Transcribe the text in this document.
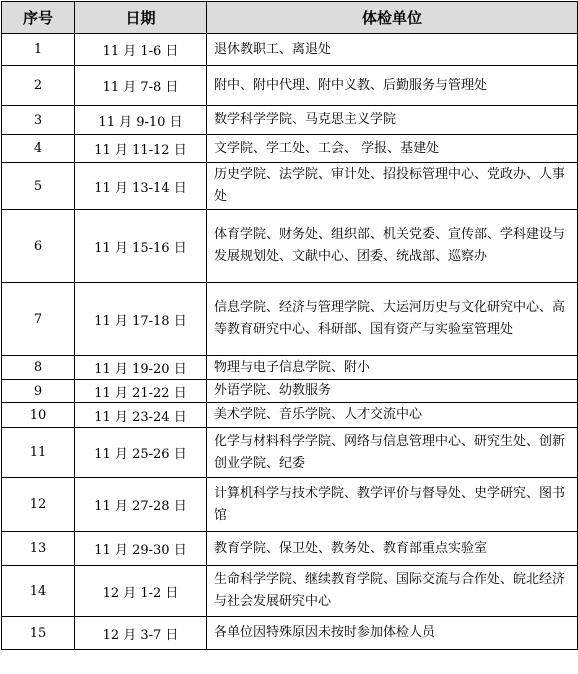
序号	日期	体检单位
1	11 月 1-6 日	退休教职工、离退处
2	11 月 7-8 日	附中、附中代理、附中义教、后勤服务与管理处
3	11 月 9-10 日	数学科学学院、马克思主义学院
4	11 月 11-12 日	文学院、学工处、工会、 学报、基建处
5	11 月 13-14 日	历史学院、法学院、审计处、招投标管理中心、党政办、人事处
6	11 月 15-16 日	体育学院、财务处、组织部、机关党委、宣传部、学科建设与发展规划处、文献中心、团委、统战部、巡察办
7	11 月 17-18 日	信息学院、经济与管理学院、大运河历史与文化研究中心、高等教育研究中心、科研部、国有资产与实验室管理处
8	11 月 19-20 日	物理与电子信息学院、附小
9	11 月 21-22 日	外语学院、幼教服务
10	11 月 23-24 日	美术学院、音乐学院、人才交流中心
11	11 月 25-26 日	化学与材料科学学院、网络与信息管理中心、研究生处、创新创业学院、纪委
12	11 月 27-28 日	计算机科学与技术学院、教学评价与督导处、史学研究、图书馆
13	11 月 29-30 日	教育学院、保卫处、教务处、教育部重点实验室
14	12 月 1-2 日	生命科学学院、继续教育学院、国际交流与合作处、皖北经济与社会发展研究中心
15	12 月 3-7 日	各单位因特殊原因未按时参加体检人员
